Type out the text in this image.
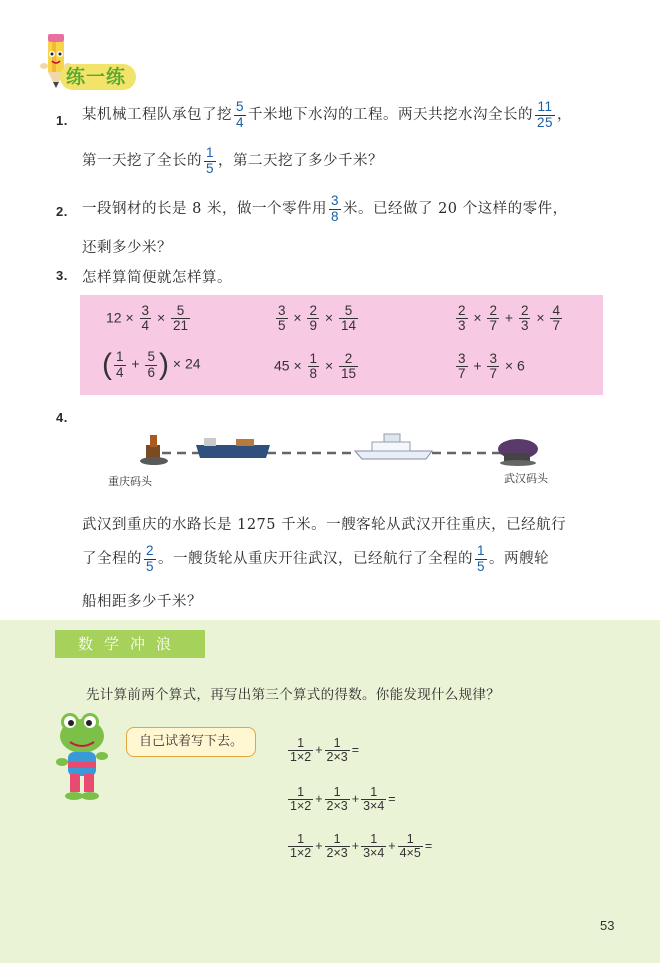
练一练
1. 某机械工程队承包了挖 $\frac{5}{4}$ 千米地下水沟的工程。两天共挖水沟全长的 $\frac{11}{25}$ ，
第一天挖了全长的 $\frac{1}{5}$ ，第二天挖了多少千米？
2. 一段钢材的长是 8 米，做一个零件用 $\frac{3}{8}$ 米。已经做了 20 个这样的零件，
还剩多少米？
3. 怎样算简便就怎样算。
$12 \times \frac{3}{4} \times \frac{5}{21}$	$\frac{3}{5} \times \frac{2}{9} \times \frac{5}{14}$	$\frac{2}{3} \times \frac{2}{7} + \frac{2}{3} \times \frac{4}{7}$
( $\frac{1}{4} + \frac{5}{6}$ ) × 24	$45 \times \frac{1}{8} \times \frac{2}{15}$	$\frac{3}{7} + \frac{3}{7} \times 6$
4.
重庆码头	武汉码头
武汉到重庆的水路长是 1275 千米。一艘客轮从武汉开往重庆，已经航行
了全程的 $\frac{2}{5}$ 。一艘货轮从重庆开往武汉，已经航行了全程的 $\frac{1}{5}$ 。两艘轮
船相距多少千米？
数学冲浪
先计算前两个算式，再写出第三个算式的得数。你能发现什么规律？
自己试着写下去。	$\frac{1}{1\times 2} + \frac{1}{2\times 3}$ =
$\frac{1}{1\times 2} + \frac{1}{2\times 3} + \frac{1}{3\times 4}$ =
$\frac{1}{1\times 2} + \frac{1}{2\times 3} + \frac{1}{3\times 4} + \frac{1}{4\times 5}$ =
53
